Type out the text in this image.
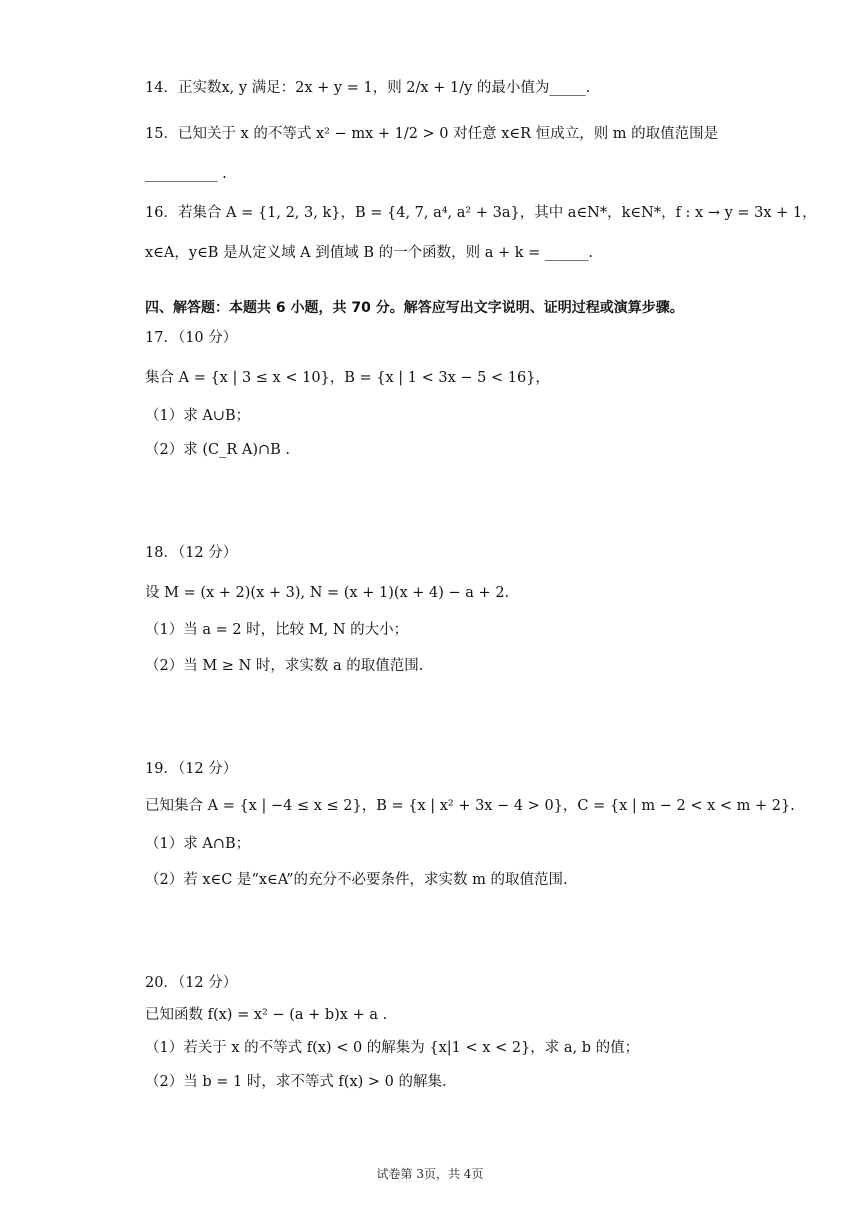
14．正实数x, y 满足：2x + y = 1，则 2/x + 1/y 的最小值为_____.
15．已知关于 x 的不等式 x² − mx + 1/2 > 0 对任意 x∈R 恒成立，则 m 的取值范围是
__________ .
16．若集合 A = {1, 2, 3, k}，B = {4, 7, a⁴, a² + 3a}，其中 a∈N*，k∈N*，f : x → y = 3x + 1，
x∈A，y∈B 是从定义域 A 到值域 B 的一个函数，则 a + k = ______.
四、解答题：本题共 6 小题，共 70 分。解答应写出文字说明、证明过程或演算步骤。
17．（10 分）
集合 A = {x | 3 ≤ x < 10}，B = {x | 1 < 3x − 5 < 16}，
（1）求 A∪B；
（2）求 (C_R A)∩B .
18．（12 分）
设 M = (x + 2)(x + 3), N = (x + 1)(x + 4) − a + 2.
（1）当 a = 2 时，比较 M, N 的大小；
（2）当 M ≥ N 时，求实数 a 的取值范围.
19．（12 分）
已知集合 A = {x | −4 ≤ x ≤ 2}，B = {x | x² + 3x − 4 > 0}，C = {x | m − 2 < x < m + 2}.
（1）求 A∩B；
（2）若 x∈C 是“x∈A”的充分不必要条件，求实数 m 的取值范围.
20．（12 分）
已知函数 f(x) = x² − (a + b)x + a .
（1）若关于 x 的不等式 f(x) < 0 的解集为 {x|1 < x < 2}，求 a, b 的值；
（2）当 b = 1 时，求不等式 f(x) > 0 的解集.
试卷第 3页，共 4页
